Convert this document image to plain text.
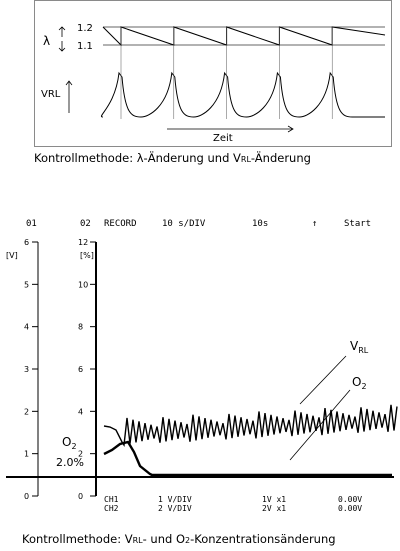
λ
1.2
1.1
VRL
Zeit
Kontrollmethode: λ-Änderung und VRL-Änderung
01	02 RECORD	10 s/DIV	10s	↑	Start
[V]	[%]
0
1
2
3
4
5
6
0
2
4
6
8
10
12
$V_{RL}$
$O_2$
$O_2$
2.0%
CH1	1 V/DIV	1V x1	0.00V
CH2	2 V/DIV	2V x1	0.00V
Kontrollmethode: VRL- und O2-Konzentrationsänderung
